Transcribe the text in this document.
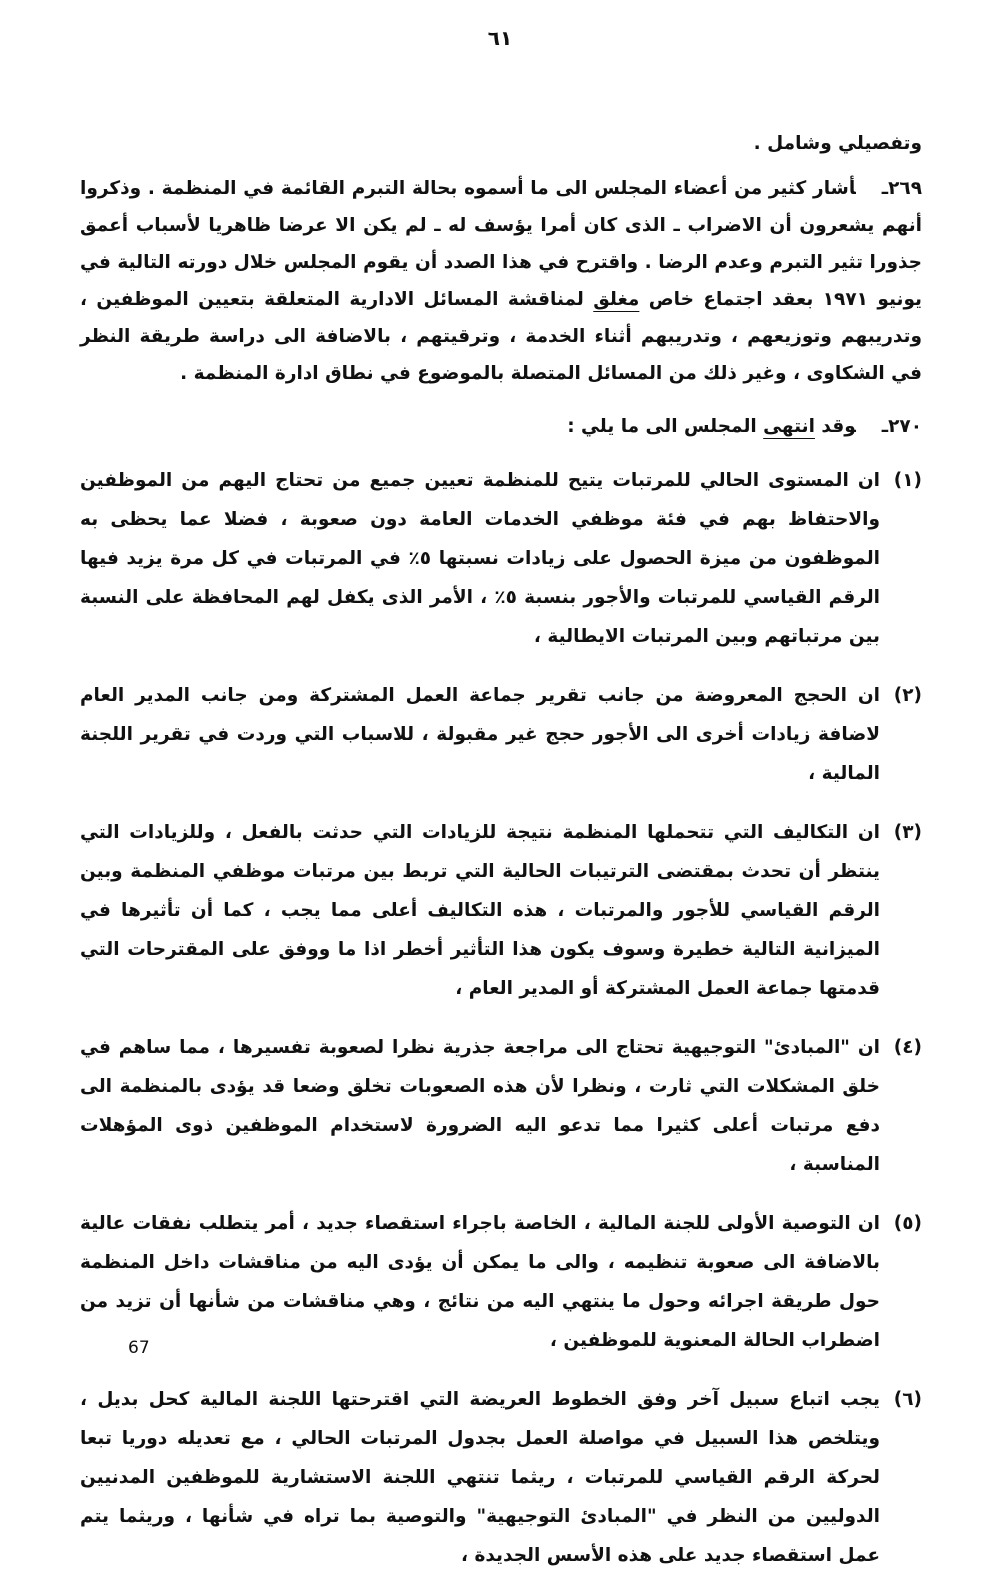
٦١

وتفصيلي وشامل .

٢٦٩ـأشار كثير من أعضاء المجلس الى ما أسموه بحالة التبرم القائمة في المنظمة . وذكروا أنهم يشعرون أن الاضراب ـ الذى كان أمرا يؤسف له ـ لم يكن الا عرضا ظاهريا لأسباب أعمق جذورا تثير التبرم وعدم الرضا . واقترح في هذا الصدد أن يقوم المجلس خلال دورته التالية في يونيو ١٩٧١ بعقد اجتماع خاص مغلق لمناقشة المسائل الادارية المتعلقة بتعيين الموظفين ، وتدريبهم وتوزيعهم ، وتدريبهم أثناء الخدمة ، وترقيتهم ، بالاضافة الى دراسة طريقة النظر في الشكاوى ، وغير ذلك من المسائل المتصلة بالموضوع في نطاق ادارة المنظمة .

٢٧٠ـوقد انتهى المجلس الى ما يلي :

(١)
ان المستوى الحالي للمرتبات يتيح للمنظمة تعيين جميع من تحتاج اليهم من الموظفين والاحتفاظ بهم في فئة موظفي الخدمات العامة دون صعوبة ، فضلا عما يحظى به الموظفون من ميزة الحصول على زيادات نسبتها ٥٪ في المرتبات في كل مرة يزيد فيها الرقم القياسي للمرتبات والأجور بنسبة ٥٪ ، الأمر الذى يكفل لهم المحافظة على النسبة بين مرتباتهم وبين المرتبات الايطالية ،
(٢)
ان الحجج المعروضة من جانب تقرير جماعة العمل المشتركة ومن جانب المدير العام لاضافة زيادات أخرى الى الأجور حجج غير مقبولة ، للاسباب التي وردت في تقرير اللجنة المالية ،
(٣)
ان التكاليف التي تتحملها المنظمة نتيجة للزيادات التي حدثت بالفعل ، وللزيادات التي ينتظر أن تحدث بمقتضى الترتيبات الحالية التي تربط بين مرتبات موظفي المنظمة وبين الرقم القياسي للأجور والمرتبات ، هذه التكاليف أعلى مما يجب ، كما أن تأثيرها في الميزانية التالية خطيرة وسوف يكون هذا التأثير أخطر اذا ما ووفق على المقترحات التي قدمتها جماعة العمل المشتركة أو المدير العام ،
(٤)
ان "المبادئ" التوجيهية تحتاج الى مراجعة جذرية نظرا لصعوبة تفسيرها ، مما ساهم في خلق المشكلات التي ثارت ، ونظرا لأن هذه الصعوبات تخلق وضعا قد يؤدى بالمنظمة الى دفع مرتبات أعلى كثيرا مما تدعو اليه الضرورة لاستخدام الموظفين ذوى المؤهلات المناسبة ،
(٥)
ان التوصية الأولى للجنة المالية ، الخاصة باجراء استقصاء جديد ، أمر يتطلب نفقات عالية بالاضافة الى صعوبة تنظيمه ، والى ما يمكن أن يؤدى اليه من مناقشات داخل المنظمة حول طريقة اجرائه وحول ما ينتهي اليه من نتائج ، وهي مناقشات من شأنها أن تزيد من اضطراب الحالة المعنوية للموظفين ،
(٦)
يجب اتباع سبيل آخر وفق الخطوط العريضة التي اقترحتها اللجنة المالية كحل بديل ، ويتلخص هذا السبيل في مواصلة العمل بجدول المرتبات الحالي ، مع تعديله دوريا تبعا لحركة الرقم القياسي للمرتبات ، ريثما تنتهي اللجنة الاستشارية للموظفين المدنيين الدوليين من النظر في "المبادئ التوجيهية" والتوصية بما تراه في شأنها ، وريثما يتم عمل استقصاء جديد على هذه الأسس الجديدة ،
67
